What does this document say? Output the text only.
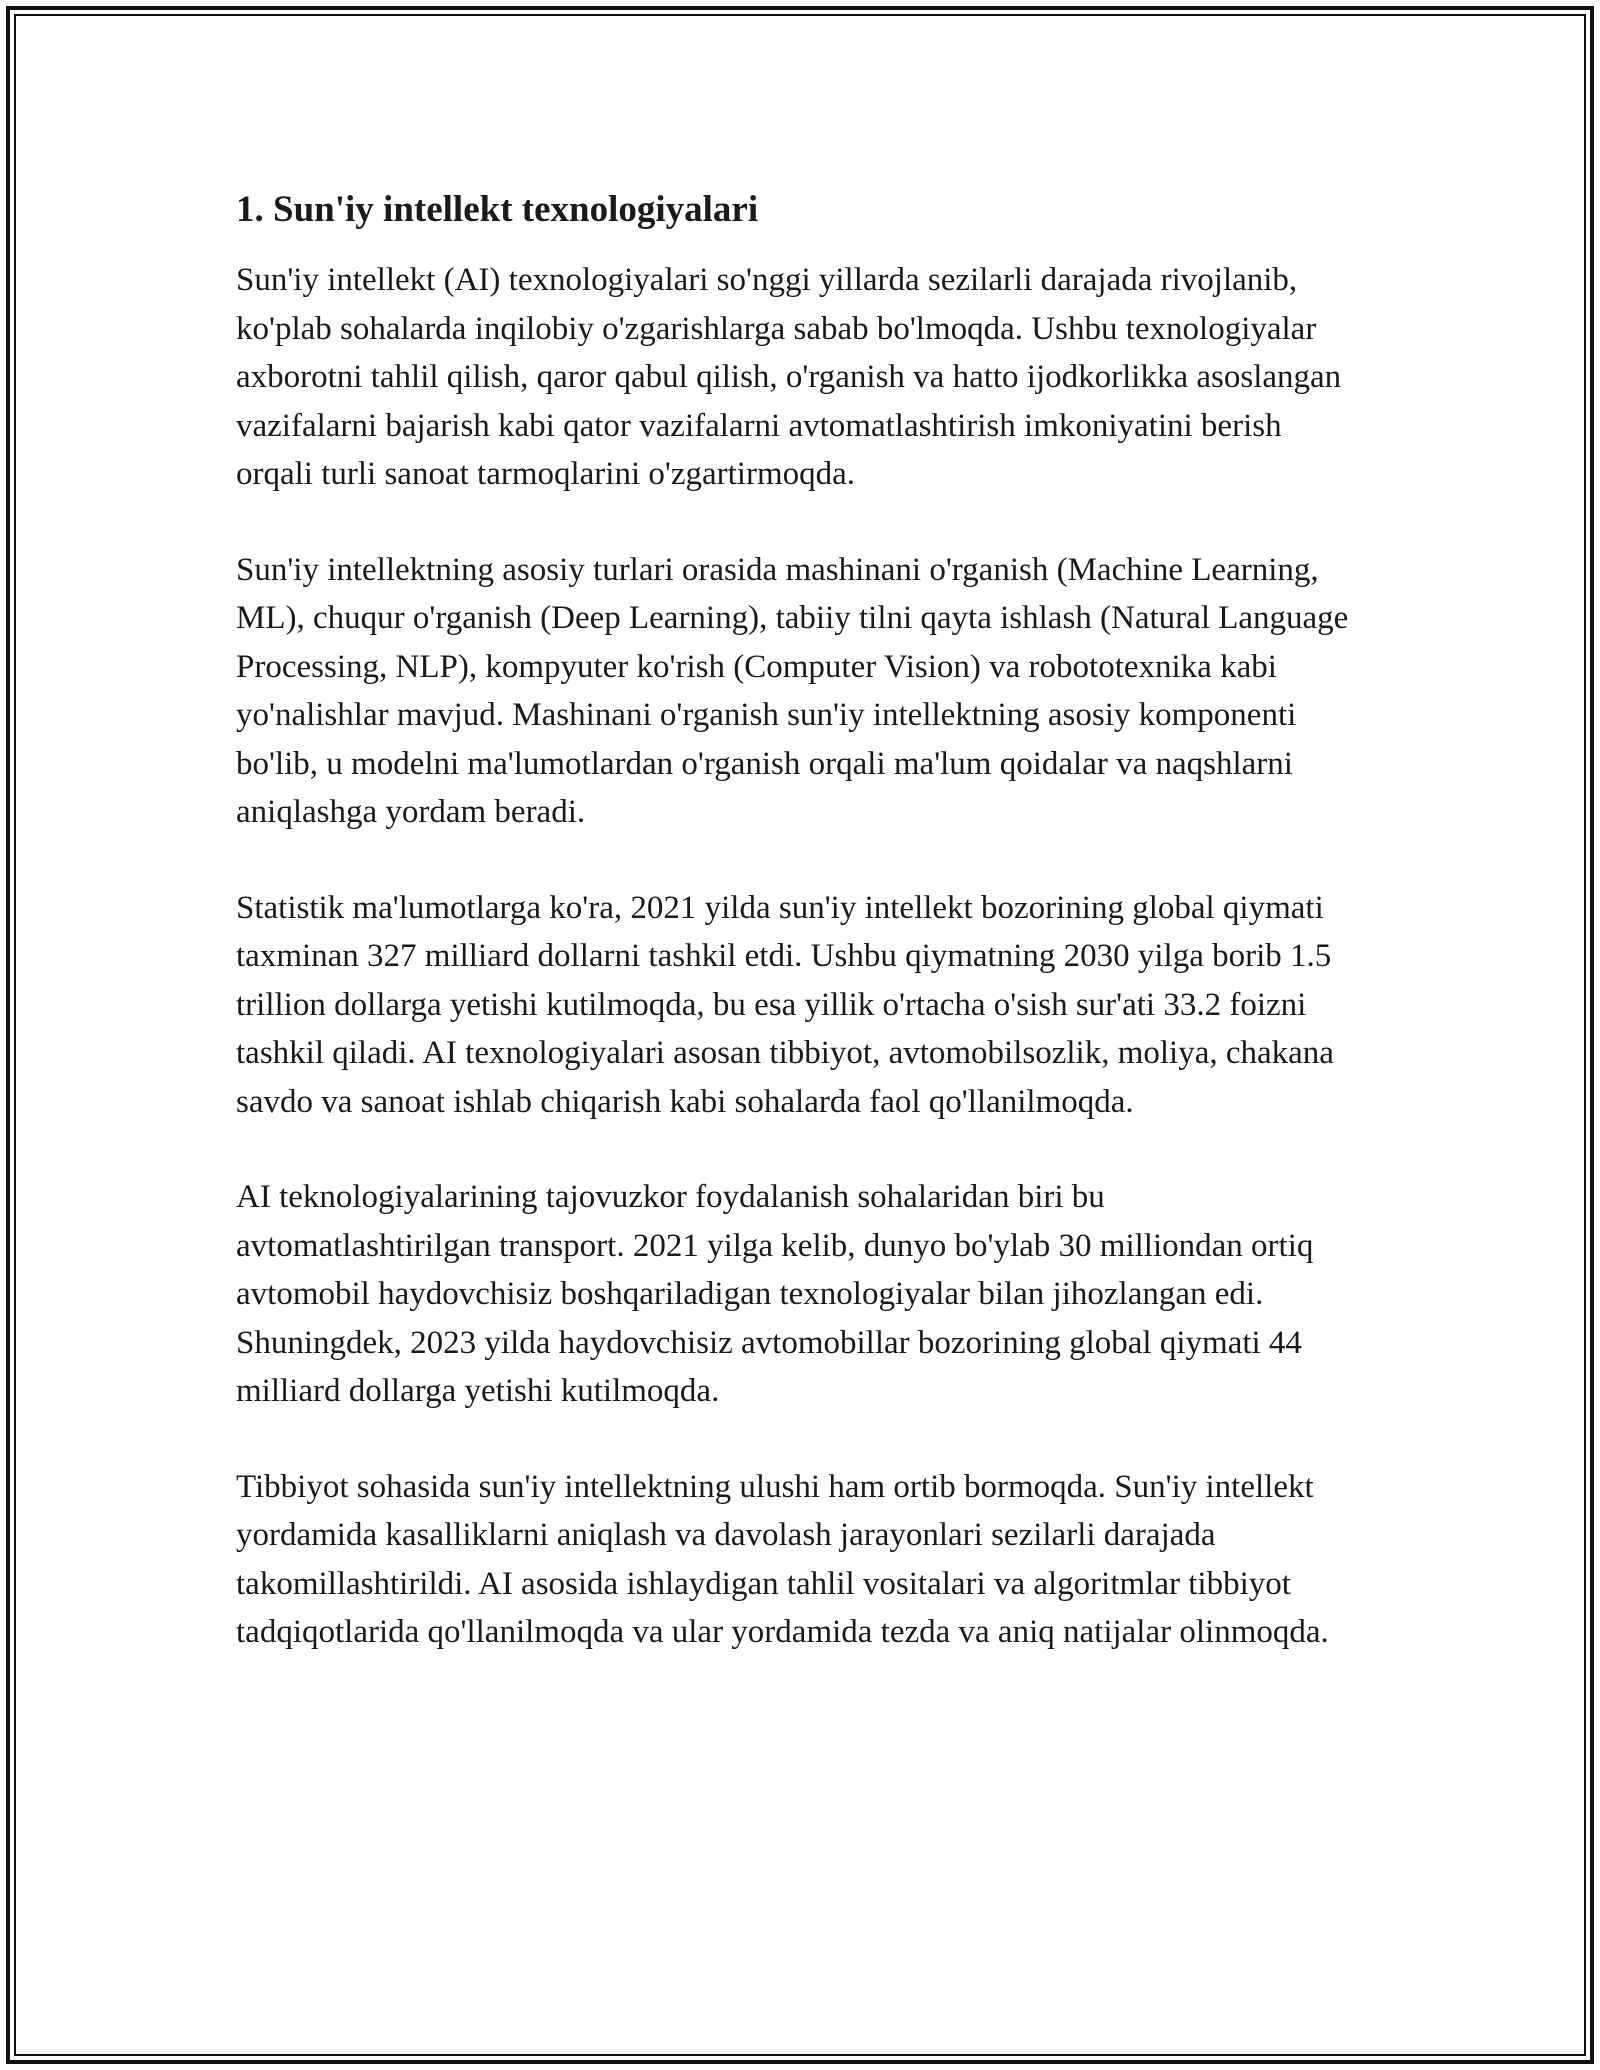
1. Sun'iy intellekt texnologiyalari

Sun'iy intellekt (AI) texnologiyalari so'nggi yillarda sezilarli darajada rivojlanib, ko'plab sohalarda inqilobiy o'zgarishlarga sabab bo'lmoqda. Ushbu texnologiyalar axborotni tahlil qilish, qaror qabul qilish, o'rganish va hatto ijodkorlikka asoslangan vazifalarni bajarish kabi qator vazifalarni avtomatlashtirish imkoniyatini berish orqali turli sanoat tarmoqlarini o'zgartirmoqda.

Sun'iy intellektning asosiy turlari orasida mashinani o'rganish (Machine Learning, ML), chuqur o'rganish (Deep Learning), tabiiy tilni qayta ishlash (Natural Language Processing, NLP), kompyuter ko'rish (Computer Vision) va robototexnika kabi yo'nalishlar mavjud. Mashinani o'rganish sun'iy intellektning asosiy komponenti bo'lib, u modelni ma'lumotlardan o'rganish orqali ma'lum qoidalar va naqshlarni aniqlashga yordam beradi.

Statistik ma'lumotlarga ko'ra, 2021 yilda sun'iy intellekt bozorining global qiymati taxminan 327 milliard dollarni tashkil etdi. Ushbu qiymatning 2030 yilga borib 1.5 trillion dollarga yetishi kutilmoqda, bu esa yillik o'rtacha o'sish sur'ati 33.2 foizni tashkil qiladi. AI texnologiyalari asosan tibbiyot, avtomobilsozlik, moliya, chakana savdo va sanoat ishlab chiqarish kabi sohalarda faol qo'llanilmoqda.

AI teknologiyalarining tajovuzkor foydalanish sohalaridan biri bu avtomatlashtirilgan transport. 2021 yilga kelib, dunyo bo'ylab 30 milliondan ortiq avtomobil haydovchisiz boshqariladigan texnologiyalar bilan jihozlangan edi. Shuningdek, 2023 yilda haydovchisiz avtomobillar bozorining global qiymati 44 milliard dollarga yetishi kutilmoqda.

Tibbiyot sohasida sun'iy intellektning ulushi ham ortib bormoqda. Sun'iy intellekt yordamida kasalliklarni aniqlash va davolash jarayonlari sezilarli darajada takomillashtirildi. AI asosida ishlaydigan tahlil vositalari va algoritmlar tibbiyot tadqiqotlarida qo'llanilmoqda va ular yordamida tezda va aniq natijalar olinmoqda.
